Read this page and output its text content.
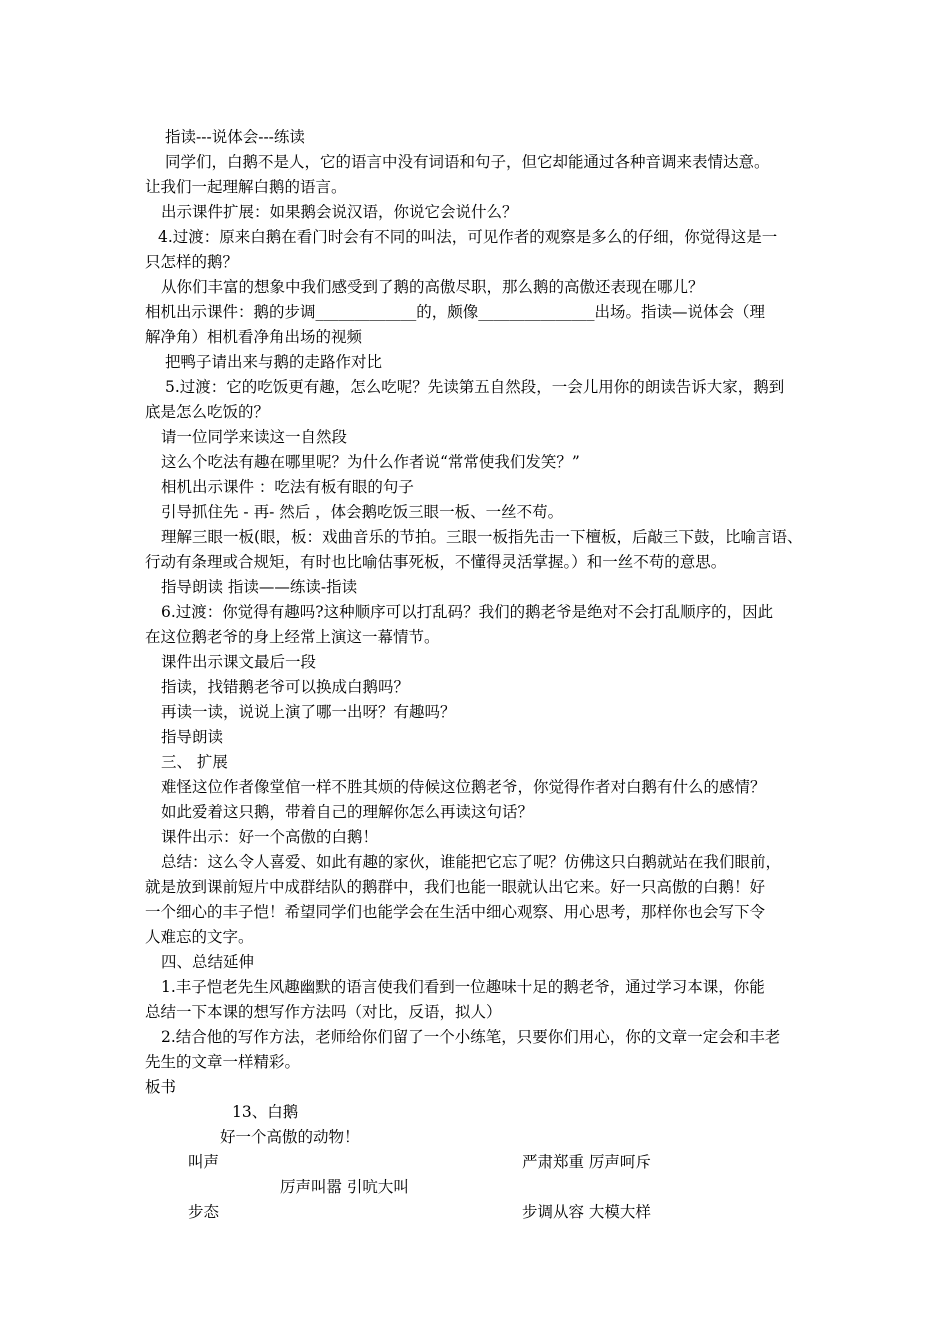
指读---说体会---练读
同学们，白鹅不是人，它的语言中没有词语和句子，但它却能通过各种音调来表情达意。
让我们一起理解白鹅的语言。
出示课件扩展：如果鹅会说汉语，你说它会说什么？
4.过渡：原来白鹅在看门时会有不同的叫法，可见作者的观察是多么的仔细，你觉得这是一
只怎样的鹅？
从你们丰富的想象中我们感受到了鹅的高傲尽职，那么鹅的高傲还表现在哪儿？
相机出示课件：鹅的步调_____________的，颇像_______________出场。指读—说体会（理
解净角）相机看净角出场的视频
把鸭子请出来与鹅的走路作对比
5.过渡：它的吃饭更有趣，怎么吃呢？先读第五自然段，一会儿用你的朗读告诉大家，鹅到
底是怎么吃饭的？
请一位同学来读这一自然段
这么个吃法有趣在哪里呢？为什么作者说“常常使我们发笑？”
相机出示课件 ：吃法有板有眼的句子
引导抓住先 - 再- 然后 ，体会鹅吃饭三眼一板、一丝不苟。
理解三眼一板(眼，板：戏曲音乐的节拍。三眼一板指先击一下檀板，后敲三下鼓，比喻言语、
行动有条理或合规矩，有时也比喻估事死板，不懂得灵活掌握。）和一丝不苟的意思。
指导朗读 指读——练读-指读
6.过渡：你觉得有趣吗?这种顺序可以打乱码？我们的鹅老爷是绝对不会打乱顺序的，因此
在这位鹅老爷的身上经常上演这一幕情节。
课件出示课文最后一段
指读，找错鹅老爷可以换成白鹅吗？
再读一读，说说上演了哪一出呀？有趣吗？
指导朗读
三、 扩展
难怪这位作者像堂倌一样不胜其烦的侍候这位鹅老爷，你觉得作者对白鹅有什么的感情？
如此爱着这只鹅，带着自己的理解你怎么再读这句话？
课件出示：好一个高傲的白鹅！
总结：这么令人喜爱、如此有趣的家伙，谁能把它忘了呢？仿佛这只白鹅就站在我们眼前，
就是放到课前短片中成群结队的鹅群中，我们也能一眼就认出它来。好一只高傲的白鹅！好
一个细心的丰子恺！希望同学们也能学会在生活中细心观察、用心思考，那样你也会写下令
人难忘的文字。
四、总结延伸
1.丰子恺老先生风趣幽默的语言使我们看到一位趣味十足的鹅老爷，通过学习本课，你能
总结一下本课的想写作方法吗（对比，反语，拟人）
2.结合他的写作方法，老师给你们留了一个小练笔，只要你们用心，你的文章一定会和丰老
先生的文章一样精彩。
板书
13、白鹅
好一个高傲的动物！
叫声	严肃郑重 厉声呵斥
厉声叫嚣 引吭大叫
步态	步调从容 大模大样
